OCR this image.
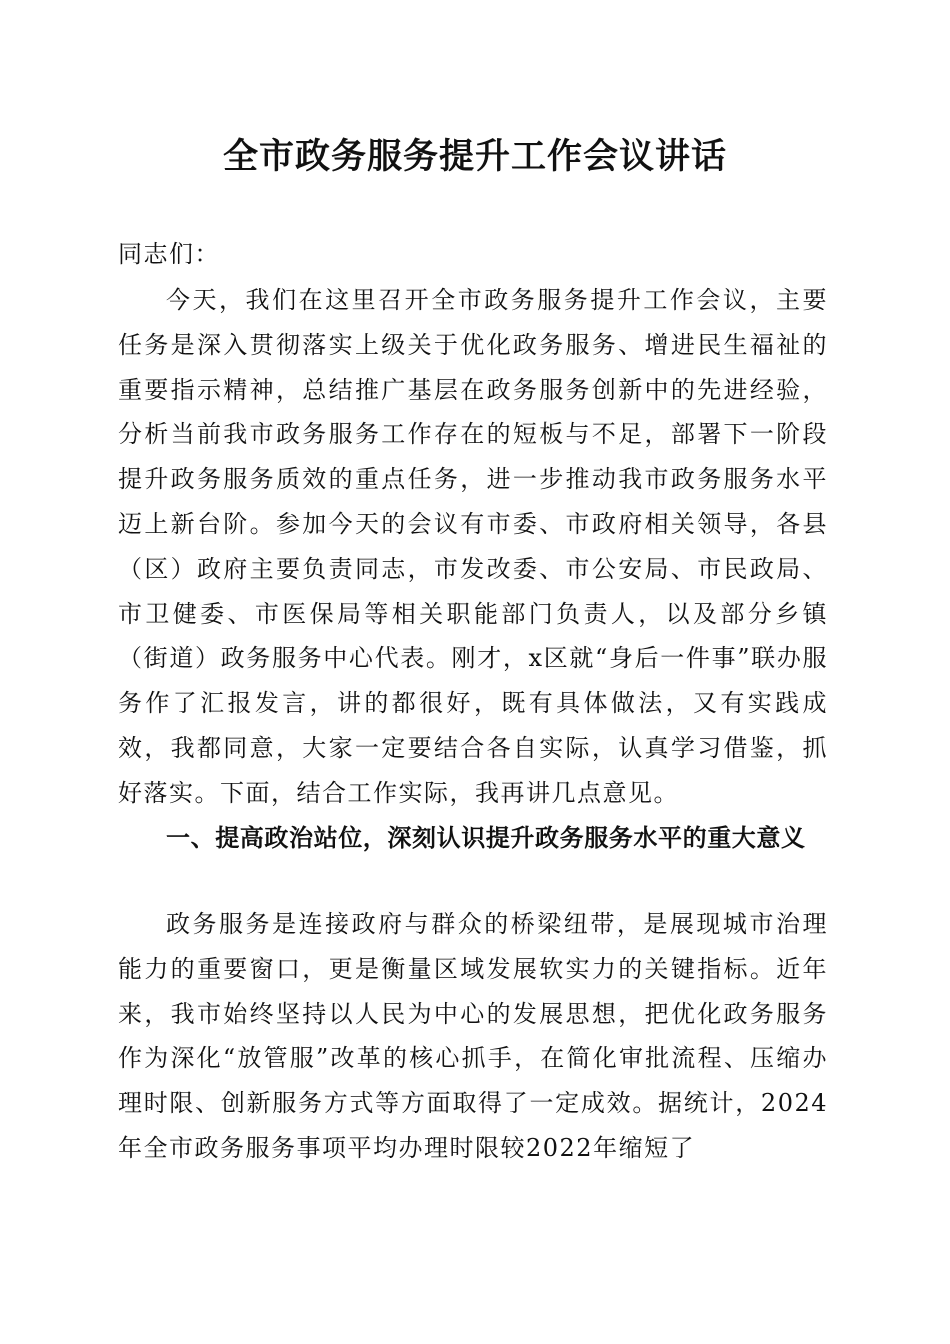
全市政务服务提升工作会议讲话
同志们：

今天，我们在这里召开全市政务服务提升工作会议，主要任务是深入贯彻落实上级关于优化政务服务、增进民生福祉的重要指示精神，总结推广基层在政务服务创新中的先进经验，分析当前我市政务服务工作存在的短板与不足，部署下一阶段提升政务服务质效的重点任务，进一步推动我市政务服务水平迈上新台阶。参加今天的会议有市委、市政府相关领导，各县（区）政府主要负责同志，市发改委、市公安局、市民政局、市卫健委、市医保局等相关职能部门负责人，以及部分乡镇（街道）政务服务中心代表。刚才，x区就“身后一件事”联办服务作了汇报发言，讲的都很好，既有具体做法，又有实践成效，我都同意，大家一定要结合各自实际，认真学习借鉴，抓好落实。下面，结合工作实际，我再讲几点意见。

一、提高政治站位，深刻认识提升政务服务水平的重大意义

政务服务是连接政府与群众的桥梁纽带，是展现城市治理能力的重要窗口，更是衡量区域发展软实力的关键指标。近年来，我市始终坚持以人民为中心的发展思想，把优化政务服务作为深化“放管服”改革的核心抓手，在简化审批流程、压缩办理时限、创新服务方式等方面取得了一定成效。据统计，2024年全市政务服务事项平均办理时限较2022年缩短了
